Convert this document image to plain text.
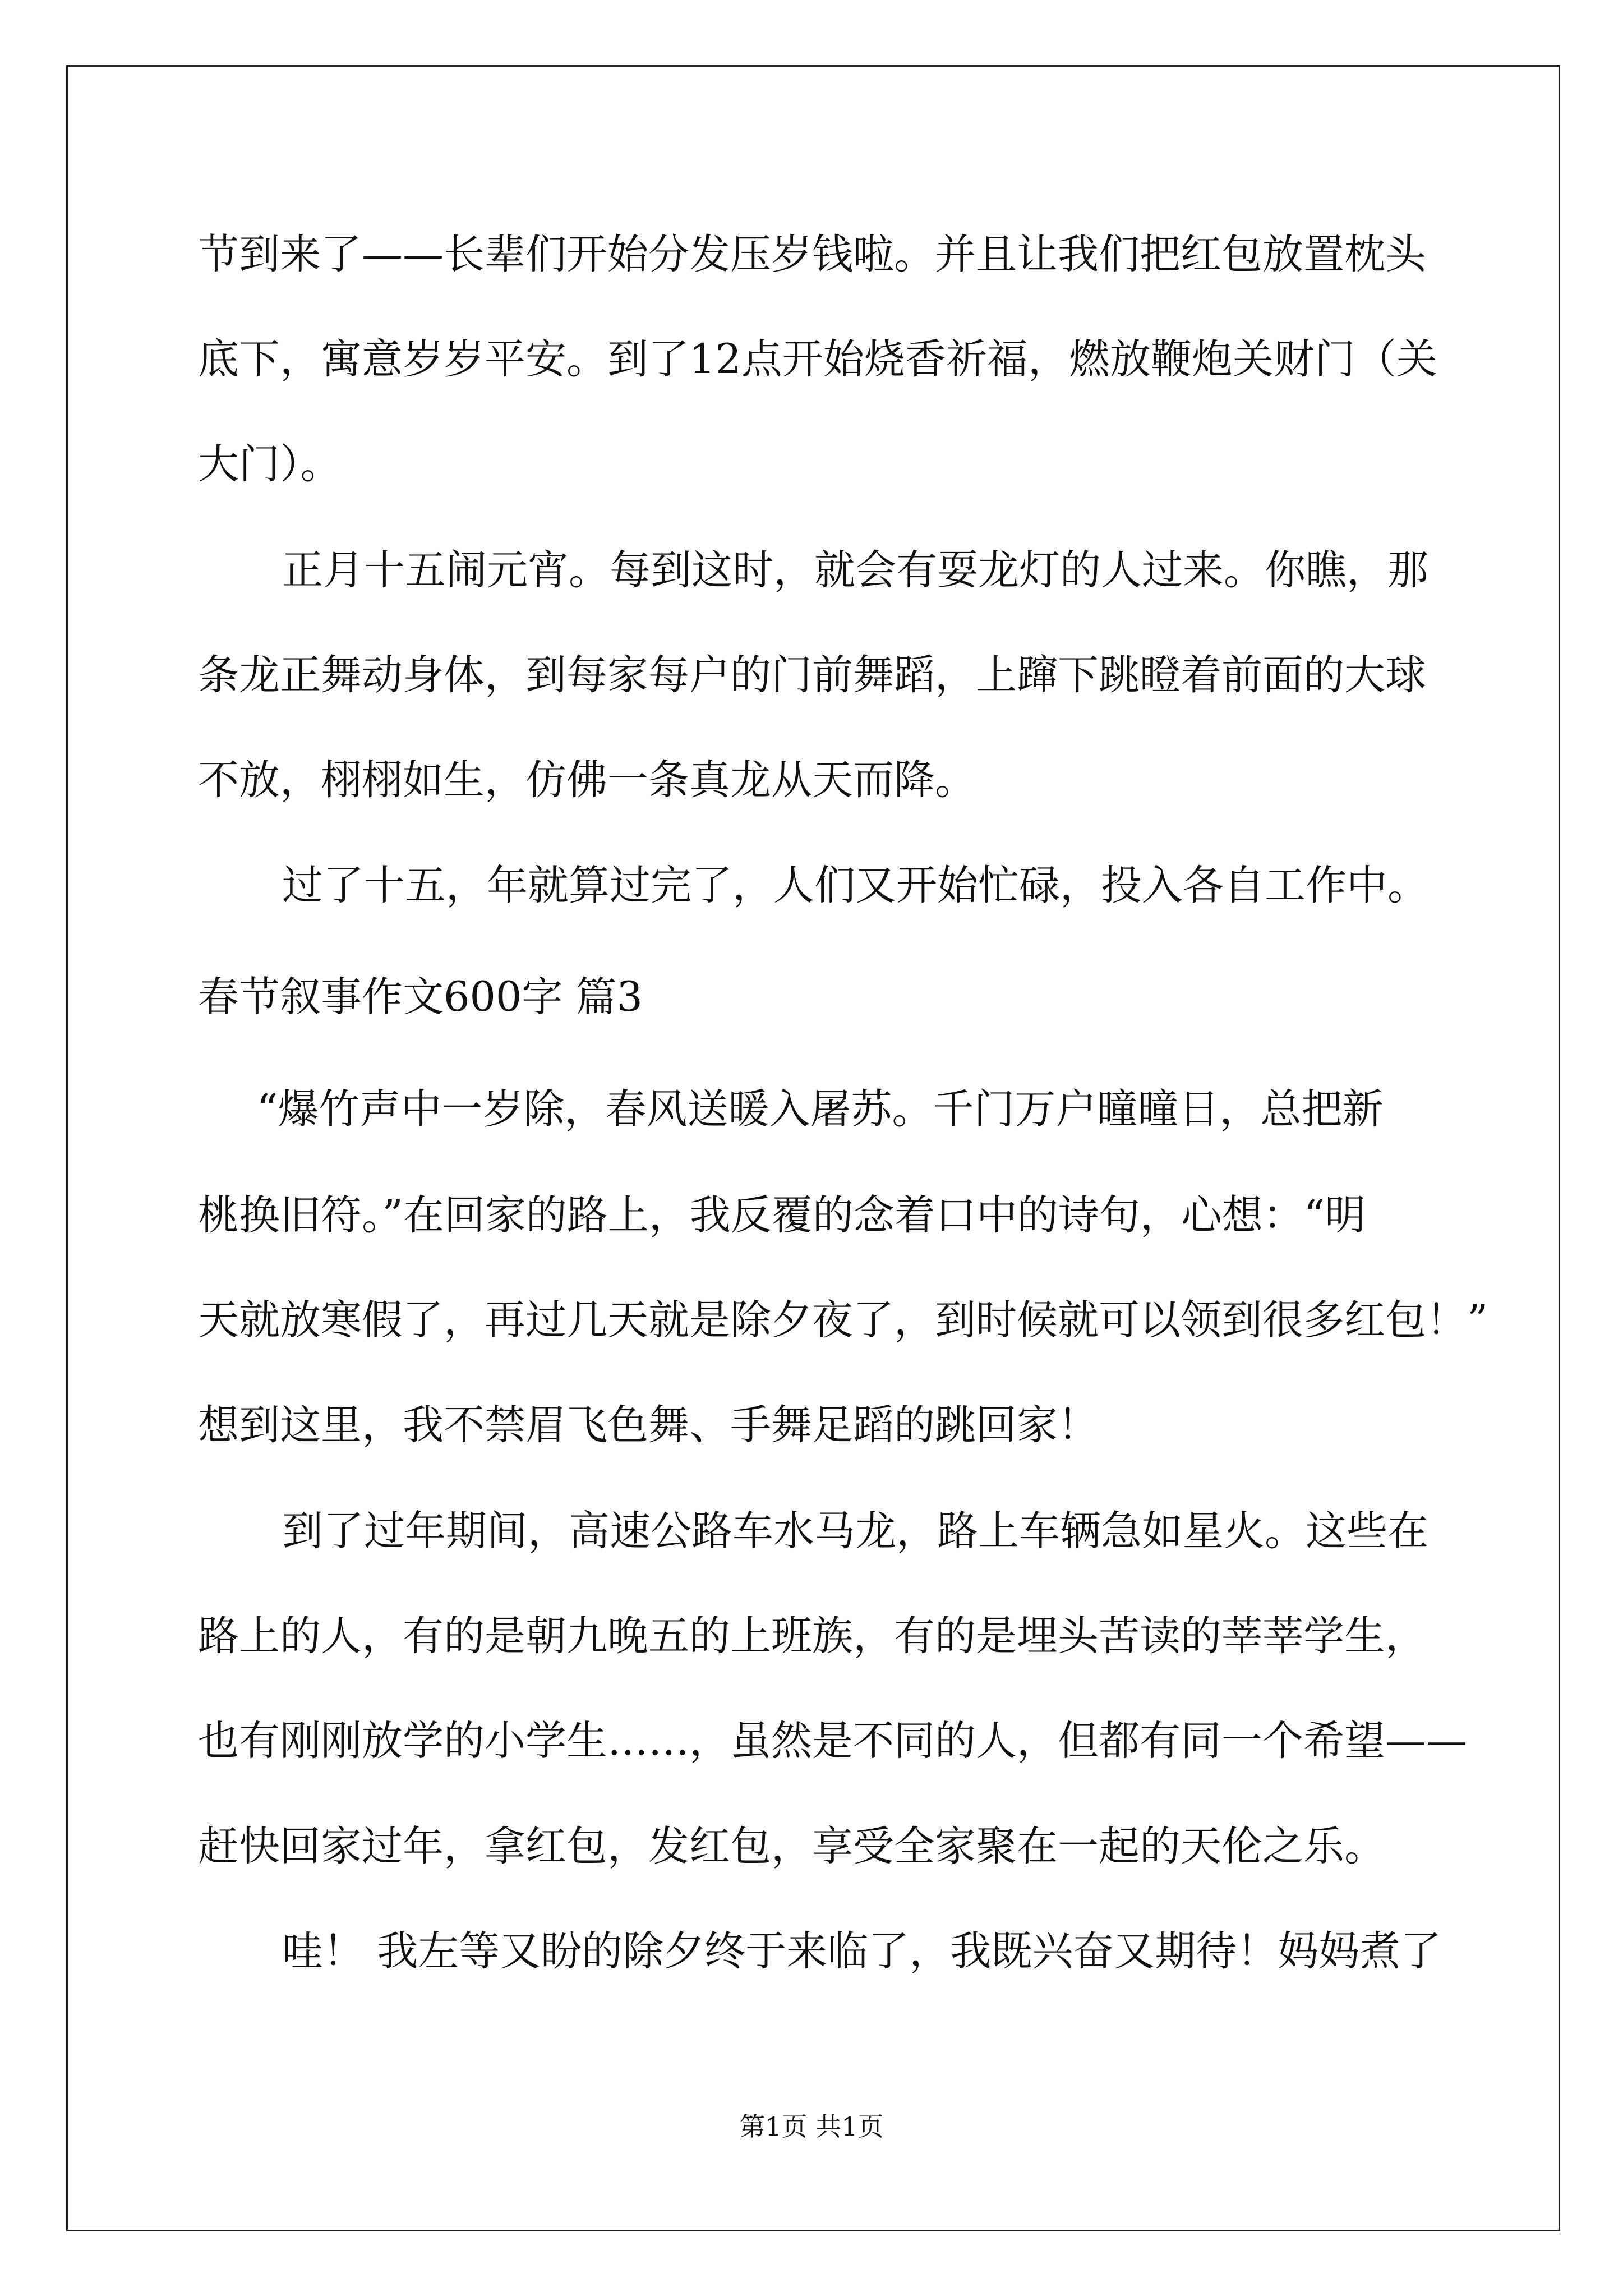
节到来了——长辈们开始分发压岁钱啦。并且让我们把红包放置枕头
底下，寓意岁岁平安。到了12点开始烧香祈福，燃放鞭炮关财门（关
大门）。
正月十五闹元宵。每到这时，就会有耍龙灯的人过来。你瞧，那
条龙正舞动身体，到每家每户的门前舞蹈，上蹿下跳瞪着前面的大球
不放，栩栩如生，仿佛一条真龙从天而降。
过了十五，年就算过完了，人们又开始忙碌，投入各自工作中。
春节叙事作文600字 篇3
“爆竹声中一岁除，春风送暖入屠苏。千门万户曈曈日，总把新
桃换旧符。”在回家的路上，我反覆的念着口中的诗句，心想：“明
天就放寒假了，再过几天就是除夕夜了，到时候就可以领到很多红包！”
想到这里，我不禁眉飞色舞、手舞足蹈的跳回家！
到了过年期间，高速公路车水马龙，路上车辆急如星火。这些在
路上的人，有的是朝九晚五的上班族，有的是埋头苦读的莘莘学生，
也有刚刚放学的小学生……，虽然是不同的人，但都有同一个希望——
赶快回家过年，拿红包，发红包，享受全家聚在一起的天伦之乐。
哇！ 我左等又盼的除夕终于来临了，我既兴奋又期待！妈妈煮了
第1页 共1页
